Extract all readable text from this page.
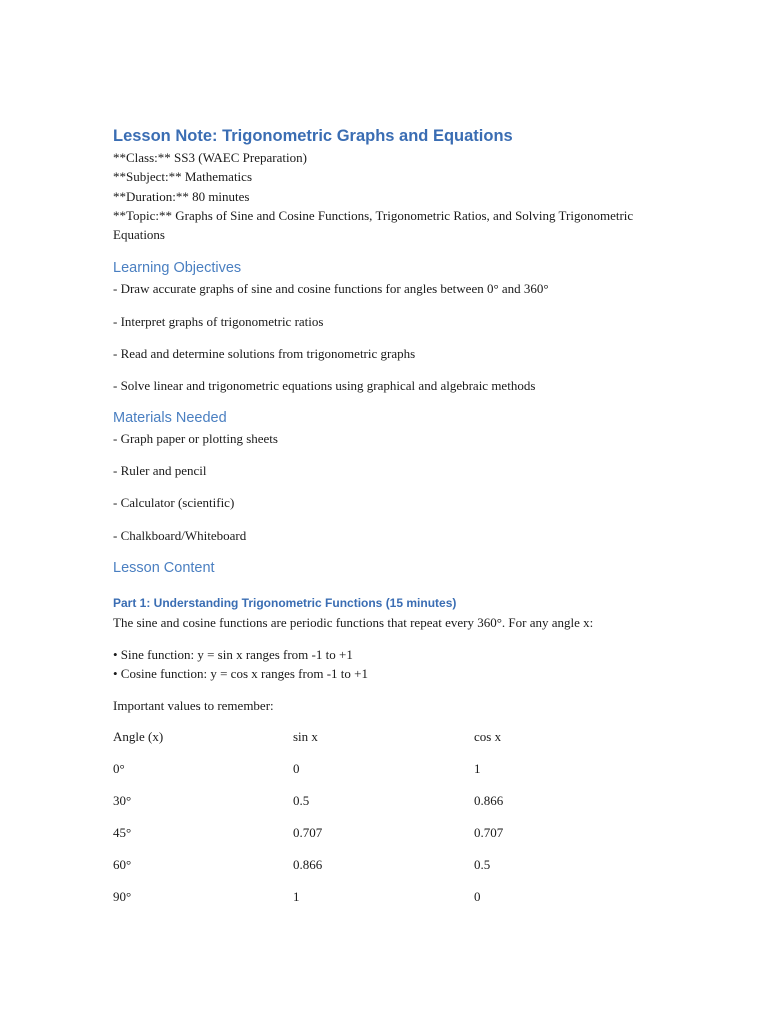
Lesson Note: Trigonometric Graphs and Equations

**Class:** SS3 (WAEC Preparation)

**Subject:** Mathematics

**Duration:** 80 minutes

**Topic:** Graphs of Sine and Cosine Functions, Trigonometric Ratios, and Solving Trigonometric Equations

Learning Objectives

- Draw accurate graphs of sine and cosine functions for angles between 0° and 360°

- Interpret graphs of trigonometric ratios

- Read and determine solutions from trigonometric graphs

- Solve linear and trigonometric equations using graphical and algebraic methods

Materials Needed

- Graph paper or plotting sheets

- Ruler and pencil

- Calculator (scientific)

- Chalkboard/Whiteboard

Lesson Content
Part 1: Understanding Trigonometric Functions (15 minutes)

The sine and cosine functions are periodic functions that repeat every 360°. For any angle x:

• Sine function: y = sin x ranges from -1 to +1

• Cosine function: y = cos x ranges from -1 to +1

Important values to remember:

Angle (x)	sin x	cos x
0°	0	1
30°	0.5	0.866
45°	0.707	0.707
60°	0.866	0.5
90°	1	0
